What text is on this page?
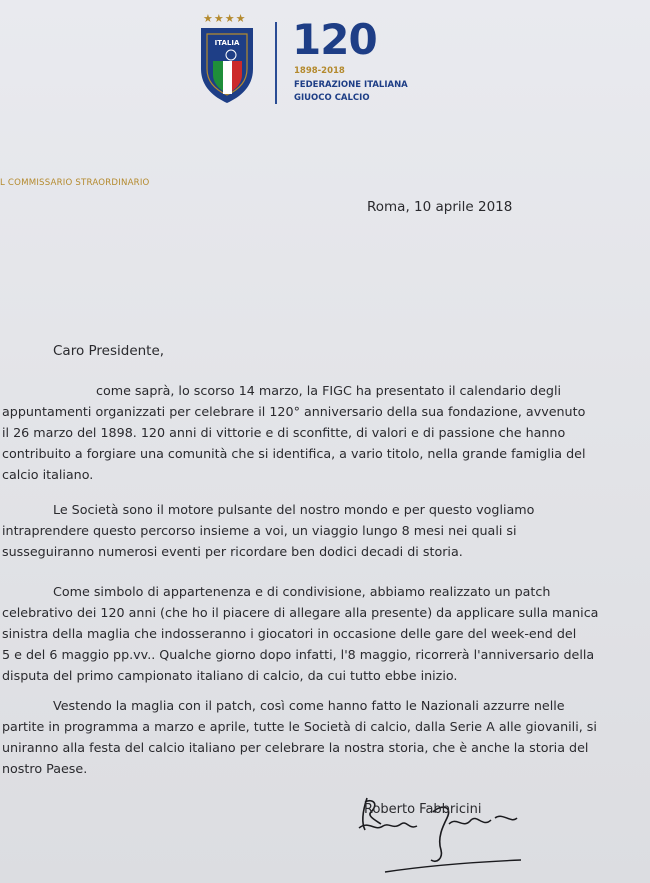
★★★★
ITALIA 120
1898-2018
FEDERAZIONE ITALIANA
GIUOCO CALCIO
L COMMISSARIO STRAORDINARIO
Roma, 10 aprile 2018
Caro Presidente,
come saprà, lo scorso 14 marzo, la FIGC ha presentato il calendario degli
appuntamenti organizzati per celebrare il 120° anniversario della sua fondazione, avvenuto
il 26 marzo del 1898. 120 anni di vittorie e di sconfitte, di valori e di passione che hanno
contribuito a forgiare una comunità che si identifica, a vario titolo, nella grande famiglia del
calcio italiano.
Le Società sono il motore pulsante del nostro mondo e per questo vogliamo
intraprendere questo percorso insieme a voi, un viaggio lungo 8 mesi nei quali si
susseguiranno numerosi eventi per ricordare ben dodici decadi di storia.
Come simbolo di appartenenza e di condivisione, abbiamo realizzato un patch
celebrativo dei 120 anni (che ho il piacere di allegare alla presente) da applicare sulla manica
sinistra della maglia che indosseranno i giocatori in occasione delle gare del week-end del
5 e del 6 maggio pp.vv.. Qualche giorno dopo infatti, l'8 maggio, ricorrerà l'anniversario della
disputa del primo campionato italiano di calcio, da cui tutto ebbe inizio.
Vestendo la maglia con il patch, così come hanno fatto le Nazionali azzurre nelle
partite in programma a marzo e aprile, tutte le Società di calcio, dalla Serie A alle giovanili, si
uniranno alla festa del calcio italiano per celebrare la nostra storia, che è anche la storia del
nostro Paese.
Roberto Fabbricini
